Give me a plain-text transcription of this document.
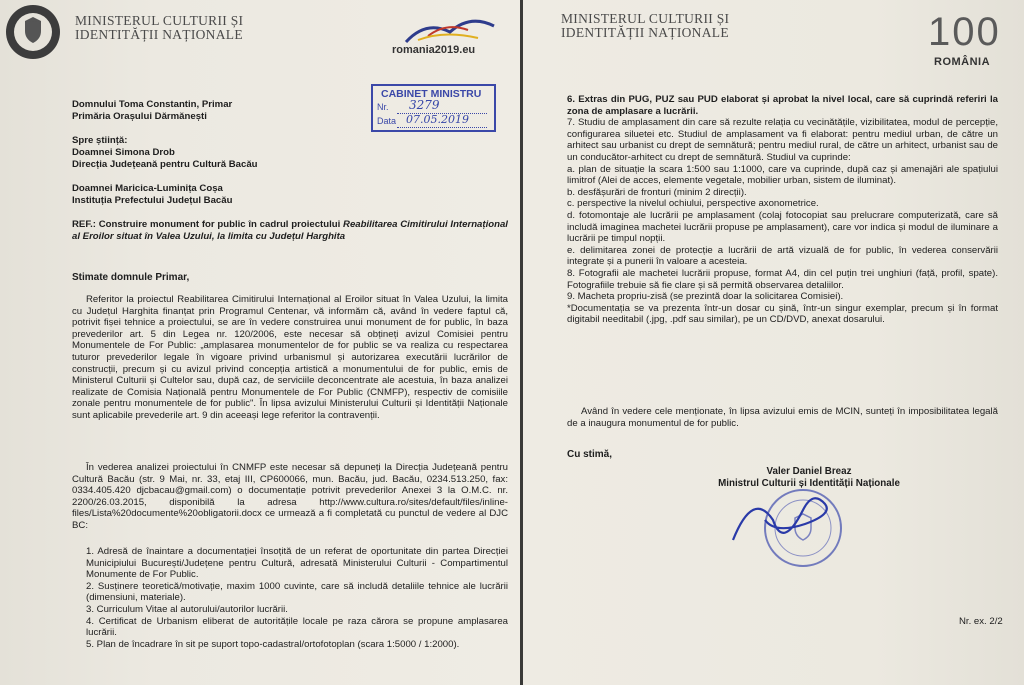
MINISTERUL CULTURII ȘI
IDENTITĂȚII NAȚIONALE
romania2019.eu
CABINET MINISTRU
Nr. 3279
Data 07.05.2019
Domnului Toma Constantin, Primar
Primăria Orașului Dărmănești
Spre știință:
Doamnei Simona Drob
Direcția Județeană pentru Cultură Bacău
Doamnei Maricica-Luminița Coșa
Instituția Prefectului Județul Bacău
REF.: Construire monument for public în cadrul proiectului Reabilitarea Cimitirului Internațional al Eroilor situat în Valea Uzului, la limita cu Județul Harghita
Stimate domnule Primar,
Referitor la proiectul Reabilitarea Cimitirului Internațional al Eroilor situat în Valea Uzului, la limita cu Județul Harghita finanțat prin Programul Centenar, vă informăm că, având în vedere faptul că, potrivit fișei tehnice a proiectului, se are în vedere construirea unui monument de for public, în baza prevederilor art. 5 din Legea nr. 120/2006, este necesar să obțineți avizul Comisiei pentru Monumentele de For Public: „amplasarea monumentelor de for public se va realiza cu respectarea tuturor prevederilor legale în vigoare privind urbanismul și autorizarea executării lucrărilor de construcții, precum și cu avizul privind concepția artistică a monumentului de for public, emis de Ministerul Culturii și Cultelor sau, după caz, de serviciile deconcentrate ale acestuia, în baza analizei realizate de Comisia Națională pentru Monumentele de For Public (CNMFP), respectiv de comisiile zonale pentru monumentele de for public". În lipsa avizului Ministerului Culturii și Identității Naționale sunt aplicabile prevederile art. 9 din aceeași lege referitor la contravenții.
În vederea analizei proiectului în CNMFP este necesar să depuneți la Direcția Județeană pentru Cultură Bacău (str. 9 Mai, nr. 33, etaj III, CP600066, mun. Bacău, jud. Bacău, 0234.513.250, fax: 0334.405.420 djcbacau@gmail.com) o documentație potrivit prevederilor Anexei 3 la O.M.C. nr. 2200/26.03.2015, disponibilă la adresa http://www.cultura.ro/sites/default/files/inline-files/Lista%20documente%20obligatorii.docx ce urmează a fi completată cu punctul de vedere al DJC BC:
1. Adresă de înaintare a documentației însoțită de un referat de oportunitate din partea Direcției Municipiului București/Județene pentru Cultură, adresată Ministerului Culturii - Compartimentul Monumente de For Public.
2. Susținere teoretică/motivație, maxim 1000 cuvinte, care să includă detaliile tehnice ale lucrării (dimensiuni, materiale).
3. Curriculum Vitae al autorului/autorilor lucrării.
4. Certificat de Urbanism eliberat de autoritățile locale pe raza cărora se propune amplasarea lucrării.
5. Plan de încadrare în sit pe suport topo-cadastral/ortofotoplan (scara 1:5000 / 1:2000).
MINISTERUL CULTURII ȘI
IDENTITĂȚII NAȚIONALE	100
ROMÂNIA
6. Extras din PUG, PUZ sau PUD elaborat și aprobat la nivel local, care să cuprindă referiri la zona de amplasare a lucrării.
7. Studiu de amplasament din care să rezulte relația cu vecinătățile, vizibilitatea, modul de percepție, configurarea siluetei etc. Studiul de amplasament va fi elaborat: pentru mediul urban, de către un arhitect sau urbanist cu drept de semnătură; pentru mediul rural, de către un arhitect, urbanist sau de un conducător-arhitect cu drept de semnătură. Studiul va cuprinde:
a. plan de situație la scara 1:500 sau 1:1000, care va cuprinde, după caz și amenajări ale spațiului limitrof (Alei de acces, elemente vegetale, mobilier urban, sistem de iluminat).
b. desfășurări de fronturi (minim 2 direcții).
c. perspective la nivelul ochiului, perspective axonometrice.
d. fotomontaje ale lucrării pe amplasament (colaj fotocopiat sau prelucrare computerizată, care să includă imaginea machetei lucrării propuse pe amplasament), care vor indica și modul de iluminare a lucrării pe timpul nopții.
e. delimitarea zonei de protecție a lucrării de artă vizuală de for public, în vederea conservării integrate și a punerii în valoare a acesteia.
8. Fotografii ale machetei lucrării propuse, format A4, din cel puțin trei unghiuri (față, profil, spate). Fotografiile trebuie să fie clare și să permită observarea detaliilor.
9. Macheta propriu-zisă (se prezintă doar la solicitarea Comisiei).
*Documentația se va prezenta într-un dosar cu șină, într-un singur exemplar, precum și în format digitabil needitabil (.jpg, .pdf sau similar), pe un CD/DVD, anexat dosarului.
Având în vedere cele menționate, în lipsa avizului emis de MCIN, sunteți în imposibilitatea legală de a inaugura monumentul de for public.
Cu stimă,
Valer Daniel Breaz
Ministrul Culturii și Identității Naționale
Nr. ex. 2/2
